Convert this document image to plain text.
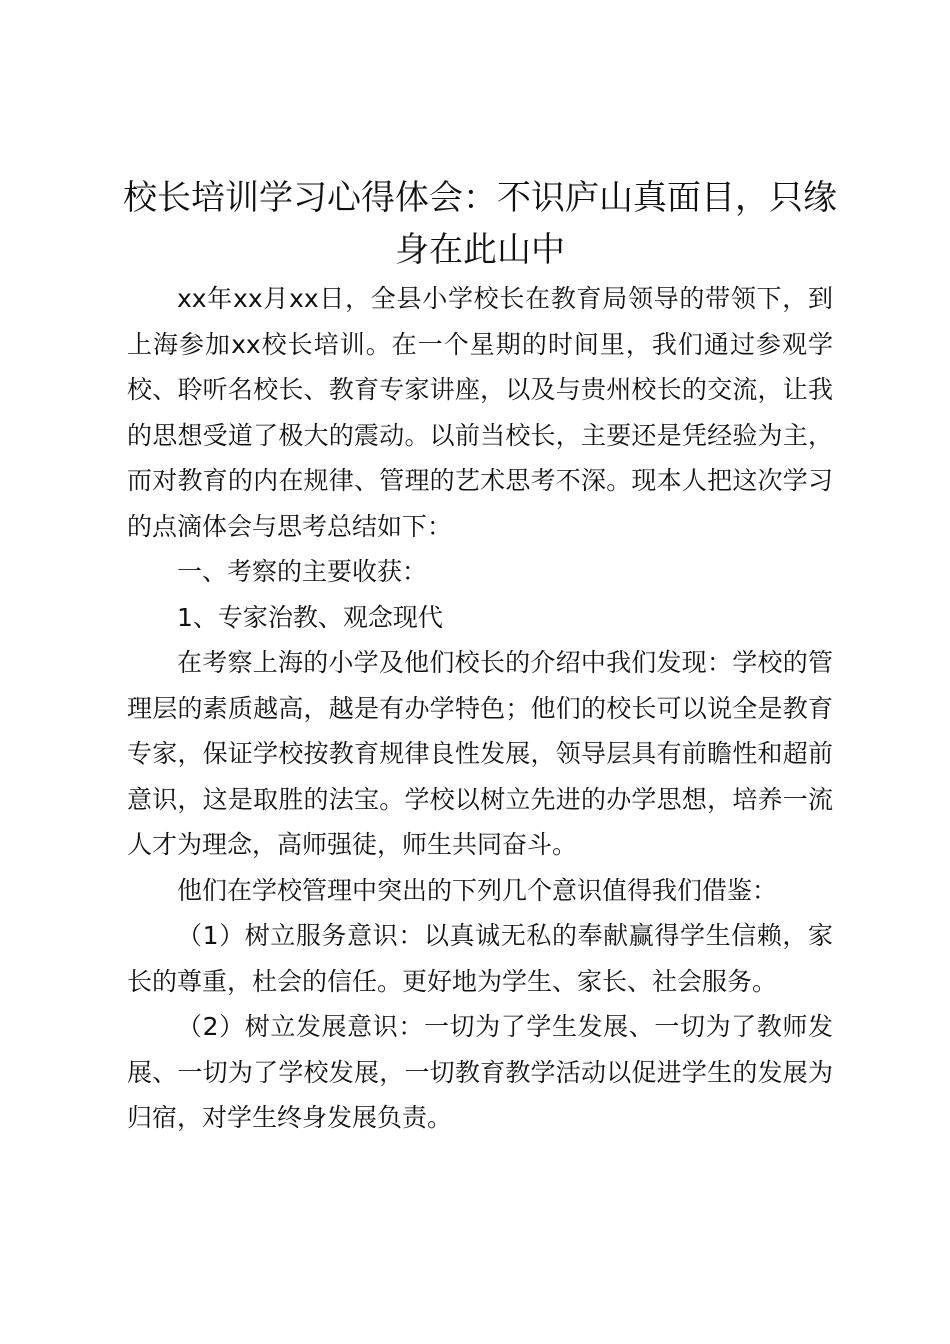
校长培训学习心得体会：不识庐山真面目，只缘身在此山中

xx年xx月xx日，全县小学校长在教育局领导的带领下，到上海参加xx校长培训。在一个星期的时间里，我们通过参观学校、聆听名校长、教育专家讲座，以及与贵州校长的交流，让我的思想受道了极大的震动。以前当校长，主要还是凭经验为主，而对教育的内在规律、管理的艺术思考不深。现本人把这次学习的点滴体会与思考总结如下：

一、考察的主要收获：

1、专家治教、观念现代

在考察上海的小学及他们校长的介绍中我们发现：学校的管理层的素质越高，越是有办学特色；他们的校长可以说全是教育专家，保证学校按教育规律良性发展，领导层具有前瞻性和超前意识，这是取胜的法宝。学校以树立先进的办学思想，培养一流人才为理念，高师强徒，师生共同奋斗。

他们在学校管理中突出的下列几个意识值得我们借鉴：

（1）树立服务意识：以真诚无私的奉献赢得学生信赖，家长的尊重，杜会的信任。更好地为学生、家长、社会服务。

（2）树立发展意识：一切为了学生发展、一切为了教师发展、一切为了学校发展，一切教育教学活动以促进学生的发展为归宿，对学生终身发展负责。
